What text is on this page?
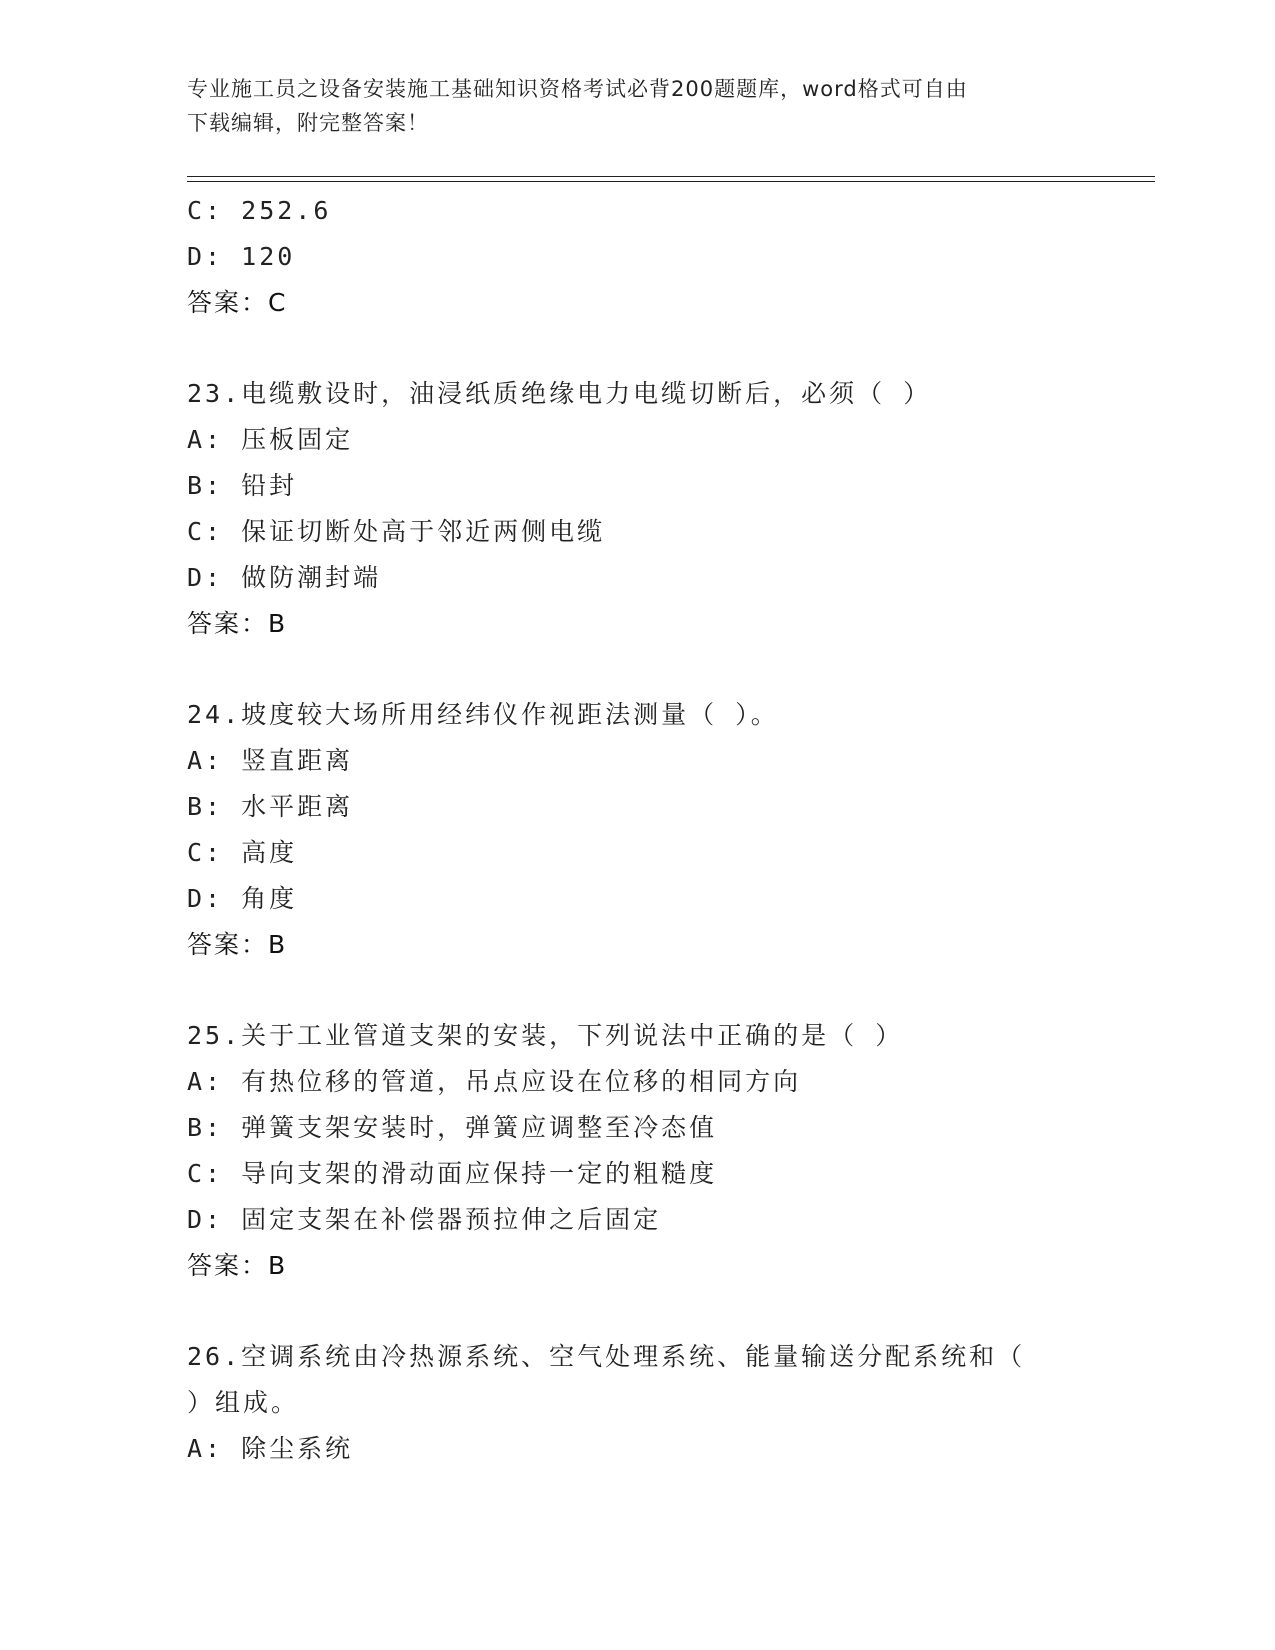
专业施工员之设备安装施工基础知识资格考试必背200题题库，word格式可自由
下载编辑，附完整答案！
C: 252.6
D: 120
答案：C
23.电缆敷设时，油浸纸质绝缘电力电缆切断后，必须（ ）
A: 压板固定
B: 铅封
C: 保证切断处高于邻近两侧电缆
D: 做防潮封端
答案：B
24.坡度较大场所用经纬仪作视距法测量（ ）。
A: 竖直距离
B: 水平距离
C: 高度
D: 角度
答案：B
25.关于工业管道支架的安装，下列说法中正确的是（ ）
A: 有热位移的管道，吊点应设在位移的相同方向
B: 弹簧支架安装时，弹簧应调整至冷态值
C: 导向支架的滑动面应保持一定的粗糙度
D: 固定支架在补偿器预拉伸之后固定
答案：B
26.空调系统由冷热源系统、空气处理系统、能量输送分配系统和（
）组成。
A: 除尘系统
